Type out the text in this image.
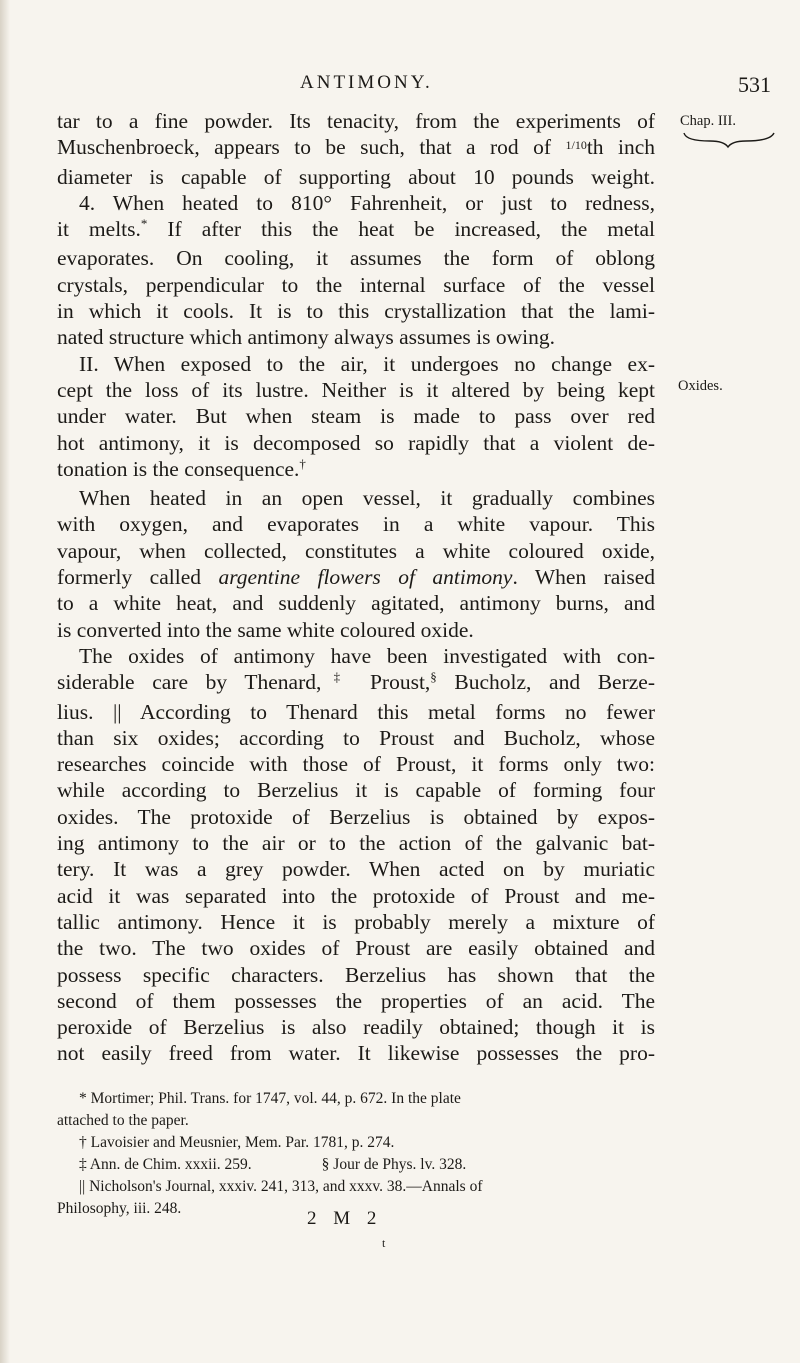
ANTIMONY.	531
Chap. III.
Oxides.
tar to a fine powder. Its tenacity, from the experiments of
Muschenbroeck, appears to be such, that a rod of $^{1/10}$th inch
diameter is capable of supporting about 10 pounds weight.
4. When heated to 810° Fahrenheit, or just to redness,
it melts.* If after this the heat be increased, the metal
evaporates. On cooling, it assumes the form of oblong
crystals, perpendicular to the internal surface of the vessel
in which it cools. It is to this crystallization that the lami-
nated structure which antimony always assumes is owing.
II. When exposed to the air, it undergoes no change ex-
cept the loss of its lustre. Neither is it altered by being kept
under water. But when steam is made to pass over red
hot antimony, it is decomposed so rapidly that a violent de-
tonation is the consequence.†
When heated in an open vessel, it gradually combines
with oxygen, and evaporates in a white vapour. This
vapour, when collected, constitutes a white coloured oxide,
formerly called argentine flowers of antimony. When raised
to a white heat, and suddenly agitated, antimony burns, and
is converted into the same white coloured oxide.
The oxides of antimony have been investigated with con-
siderable care by Thenard,‡ Proust,§ Bucholz, and Berze-
lius. || According to Thenard this metal forms no fewer
than six oxides; according to Proust and Bucholz, whose
researches coincide with those of Proust, it forms only two:
while according to Berzelius it is capable of forming four
oxides. The protoxide of Berzelius is obtained by expos-
ing antimony to the air or to the action of the galvanic bat-
tery. It was a grey powder. When acted on by muriatic
acid it was separated into the protoxide of Proust and me-
tallic antimony. Hence it is probably merely a mixture of
the two. The two oxides of Proust are easily obtained and
possess specific characters. Berzelius has shown that the
second of them possesses the properties of an acid. The
peroxide of Berzelius is also readily obtained; though it is
not easily freed from water. It likewise possesses the pro-
* Mortimer; Phil. Trans. for 1747, vol. 44, p. 672. In the plate
attached to the paper.
† Lavoisier and Meusnier, Mem. Par. 1781, p. 274.
‡ Ann. de Chim. xxxii. 259.	§ Jour de Phys. lv. 328.
|| Nicholson's Journal, xxxiv. 241, 313, and xxxv. 38.—Annals of
Philosophy, iii. 248.	2 M 2
t
